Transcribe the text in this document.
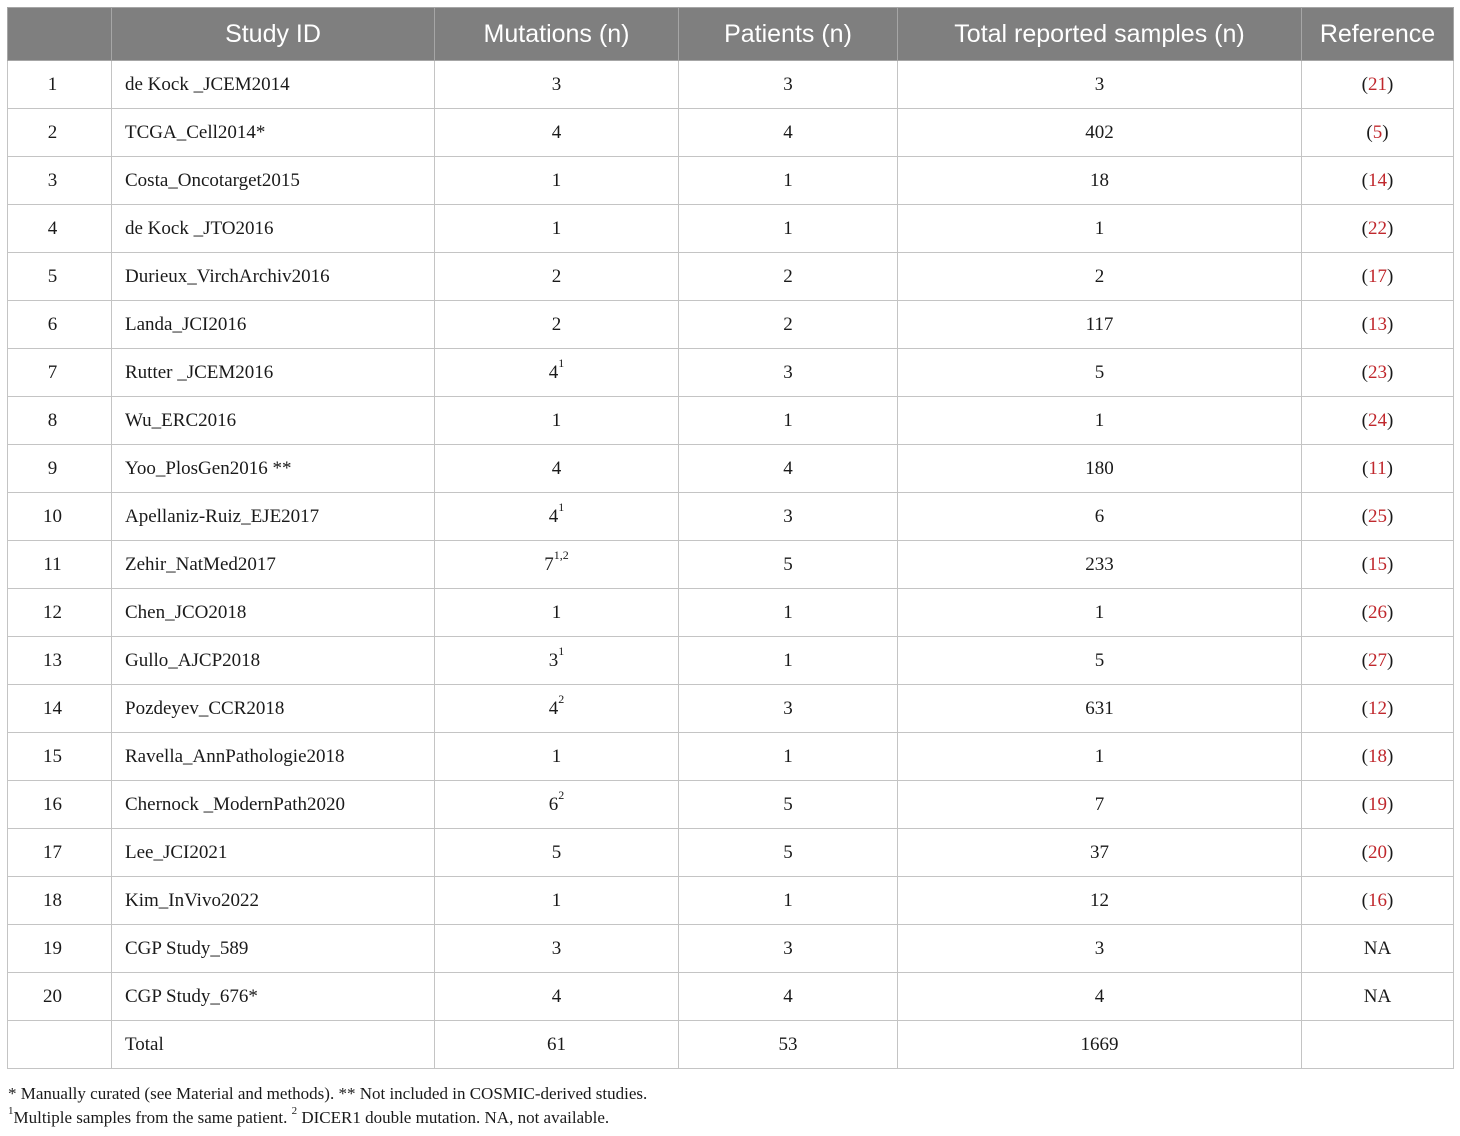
	Study ID	Mutations (n)	Patients (n)	Total reported samples (n)	Reference
1	de Kock _JCEM2014	3	3	3	(21)
2	TCGA_Cell2014*	4	4	402	(5)
3	Costa_Oncotarget2015	1	1	18	(14)
4	de Kock _JTO2016	1	1	1	(22)
5	Durieux_VirchArchiv2016	2	2	2	(17)
6	Landa_JCI2016	2	2	117	(13)
7	Rutter _JCEM2016	$4^1$	3	5	(23)
8	Wu_ERC2016	1	1	1	(24)
9	Yoo_PlosGen2016 **	4	4	180	(11)
10	Apellaniz-Ruiz_EJE2017	$4^1$	3	6	(25)
11	Zehir_NatMed2017	7$^{1,2}$	5	233	(15)
12	Chen_JCO2018	1	1	1	(26)
13	Gullo_AJCP2018	$3^1$	1	5	(27)
14	Pozdeyev_CCR2018	$4^2$	3	631	(12)
15	Ravella_AnnPathologie2018	1	1	1	(18)
16	Chernock _ModernPath2020	$6^2$	5	7	(19)
17	Lee_JCI2021	5	5	37	(20)
18	Kim_InVivo2022	1	1	12	(16)
19	CGP Study_589	3	3	3	NA
20	CGP Study_676*	4	4	4	NA
	Total	61	53	1669	
* Manually curated (see Material and methods). ** Not included in COSMIC-derived studies.
$^1$Multiple samples from the same patient. $^2$ DICER1 double mutation. NA, not available.
